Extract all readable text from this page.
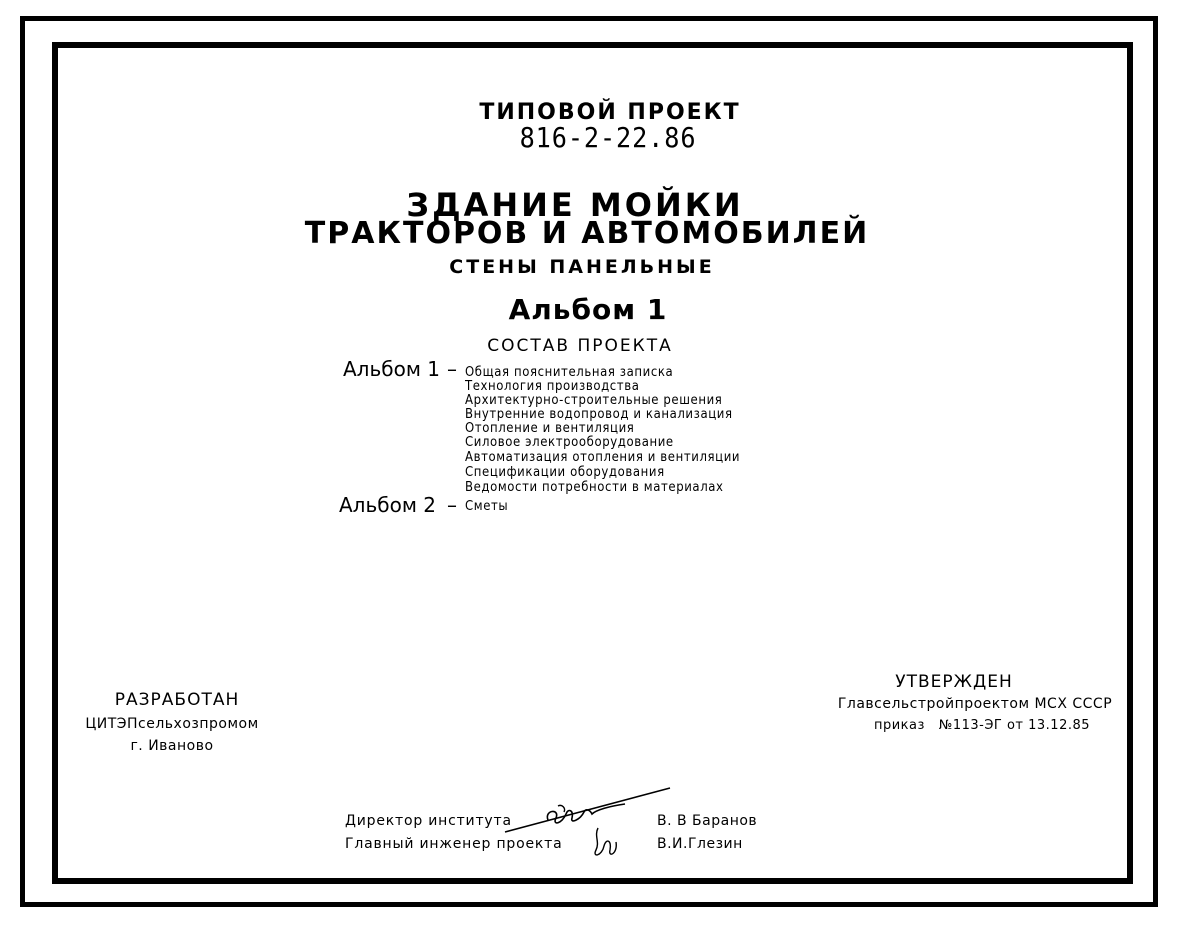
ТИПОВОЙ ПРОЕКТ
816-2-22.86
ЗДАНИЕ МОЙКИ
ТРАКТОРОВ И АВТОМОБИЛЕЙ
СТЕНЫ ПАНЕЛЬНЫЕ
Альбом 1
СОСТАВ ПРОЕКТА
Альбом 1 – Общая пояснительная записка
Технология производства
Архитектурно-строительные решения
Внутренние водопровод и канализация
Отопление и вентиляция
Силовое электрооборудование
Автоматизация отопления и вентиляции
Спецификации оборудования
Ведомости потребности в материалах
Альбом 2 – Сметы
РАЗРАБОТАН
ЦИТЭПсельхозпромом
г. Иваново
УТВЕРЖДЕН
Главсельстройпроектом МСХ СССР
приказ   №113-ЭГ от 13.12.85
Директор института
Главный инженер проекта
В. В Баранов
В.И.Глезин
